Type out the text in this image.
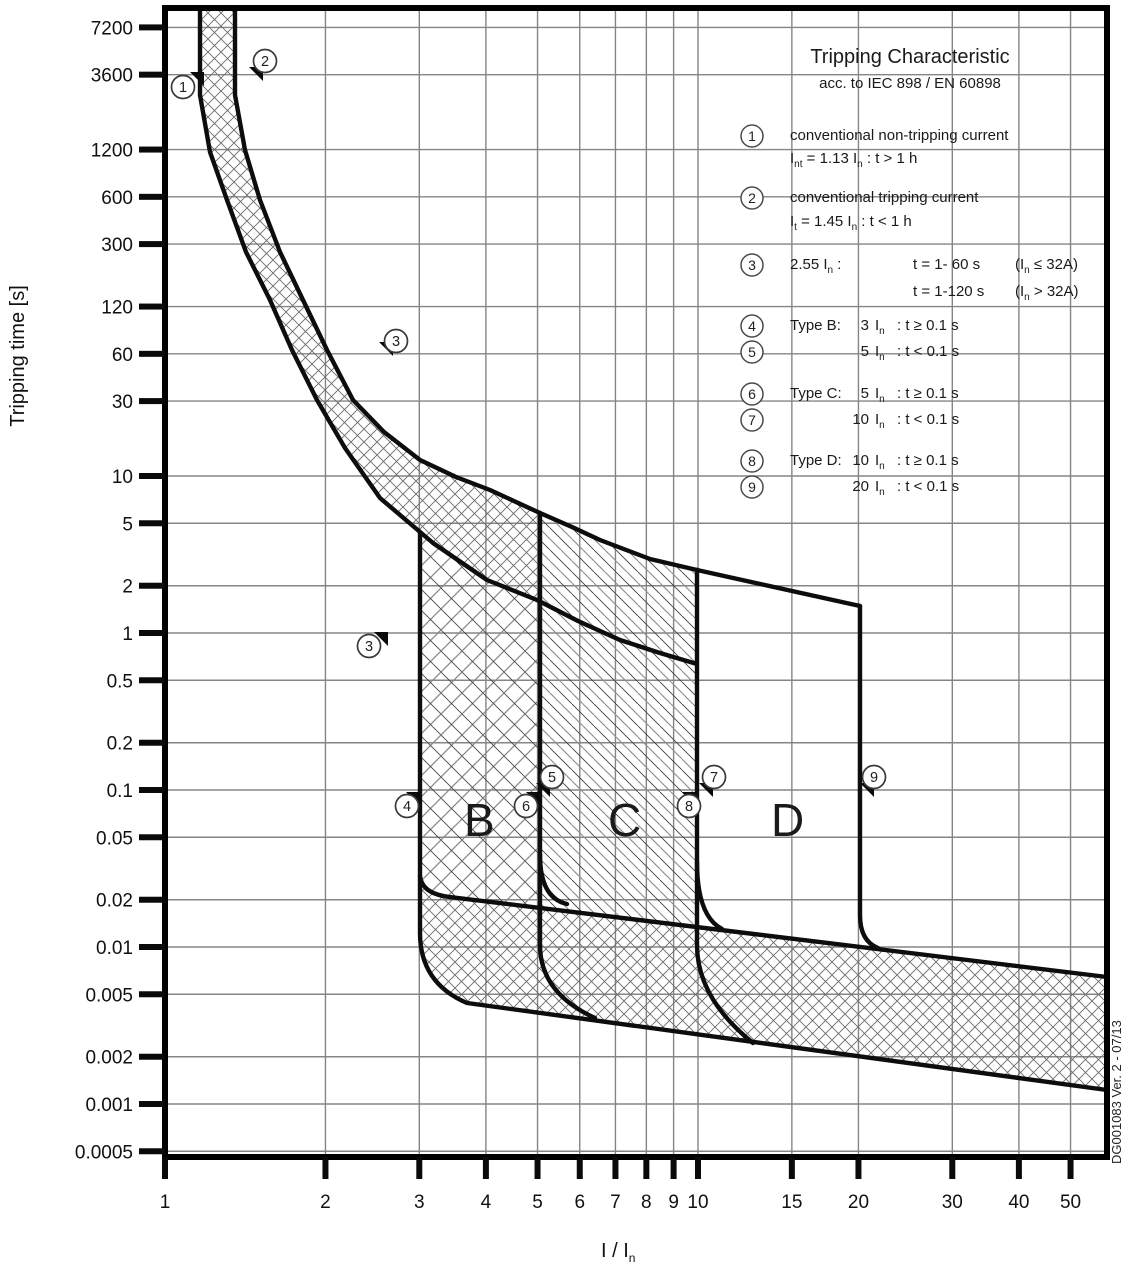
7200
3600
1200
600
300
120
60
30
10
5
2
1
0.5
0.2
0.1
0.05
0.02
0.01
0.005
0.002
0.001
0.0005
1	2	3	4 5 6 7 8 9 10	15 20	30 40 50
B C	D
1
2
3
3
4
5
6
7
8
9
1 conventional non-tripping current
$I_{nt} = 1.13$ $I_n$ : t > 1 h
2 conventional tripping current
$I_t = 1.45$ $I_n$ : t < 1 h
3 2.55 $I_n$ :	t = 1- 60 s $(I_n \le 32A)$
t = 1-120 s $(I_n > 32A)$
4 Type B: 3 $I_n$ : t ≥ 0.1 s
5	5 $I_n$ : t < 0.1 s
6 Type C: 5 $I_n$ : t ≥ 0.1 s
7	10 $I_n$ : t < 0.1 s
8 Type D: 10 $I_n$ : t ≥ 0.1 s
9	20 $I_n$ : t < 0.1 s
Tripping Characteristic
acc. to IEC 898 / EN 60898
Tripping time [s]
I / $I_n$
DG001083 Ver. 2 - 07/13
